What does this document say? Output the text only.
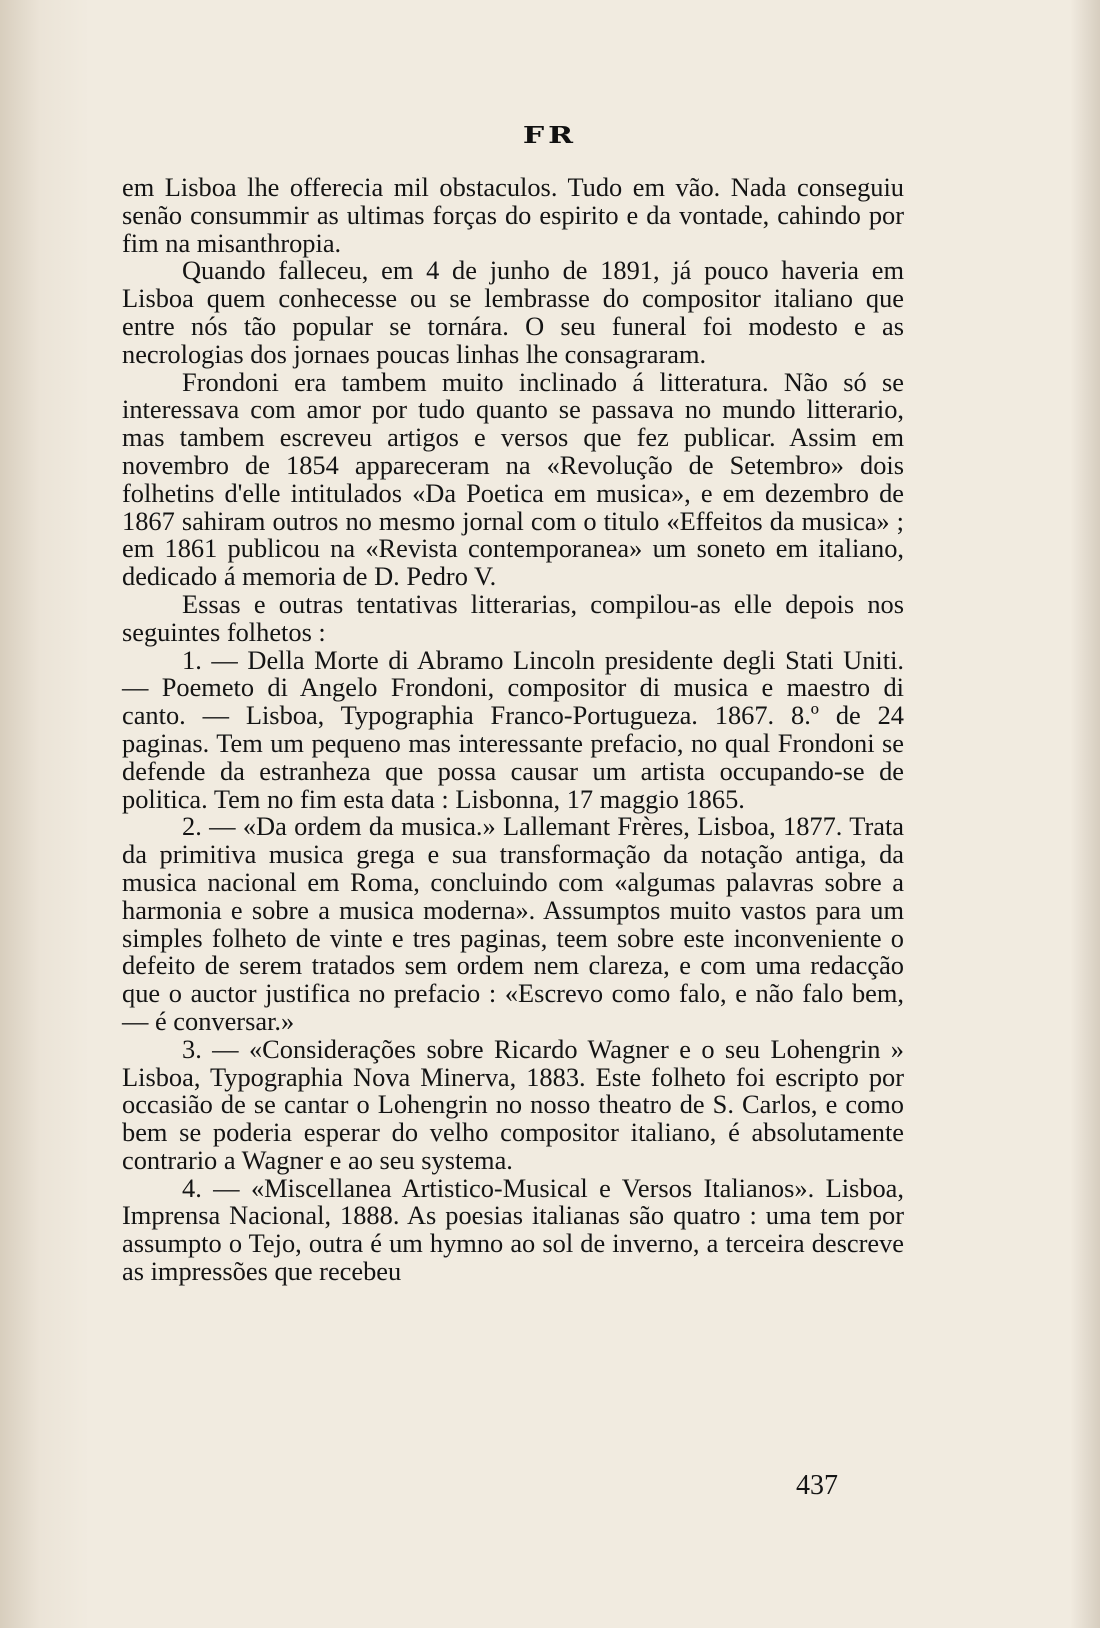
FR

em Lisboa lhe offerecia mil obstaculos. Tudo em vão. Nada conseguiu senão consummir as ultimas forças do espirito e da vontade, cahindo por fim na misanthropia.

Quando falleceu, em 4 de junho de 1891, já pouco haveria em Lisboa quem conhecesse ou se lembrasse do compositor italiano que entre nós tão popular se tornára. O seu funeral foi modesto e as necrologias dos jornaes poucas linhas lhe consagraram.

Frondoni era tambem muito inclinado á litteratura. Não só se interessava com amor por tudo quanto se passava no mundo litterario, mas tambem escreveu artigos e versos que fez publicar. Assim em novembro de 1854 appareceram na «Revolução de Setembro» dois folhetins d'elle intitulados «Da Poetica em musica», e em dezembro de 1867 sahiram outros no mesmo jornal com o titulo «Effeitos da musica» ; em 1861 publicou na «Revista contemporanea» um soneto em italiano, dedicado á memoria de D. Pedro V.

Essas e outras tentativas litterarias, compilou-as elle depois nos seguintes folhetos :

1. — Della Morte di Abramo Lincoln presidente degli Stati Uniti. — Poemeto di Angelo Frondoni, compositor di musica e maestro di canto. — Lisboa, Typographia Franco-Portugueza. 1867. 8.º de 24 paginas. Tem um pequeno mas interessante prefacio, no qual Frondoni se defende da estranheza que possa causar um artista occupando-se de politica. Tem no fim esta data : Lisbonna, 17 maggio 1865.

2. — «Da ordem da musica.» Lallemant Frères, Lisboa, 1877. Trata da primitiva musica grega e sua transformação da notação antiga, da musica nacional em Roma, concluindo com «algumas palavras sobre a harmonia e sobre a musica moderna». Assumptos muito vastos para um simples folheto de vinte e tres paginas, teem sobre este inconveniente o defeito de serem tratados sem ordem nem clareza, e com uma redacção que o auctor justifica no prefacio : «Escrevo como falo, e não falo bem, — é conversar.»

3. — «Considerações sobre Ricardo Wagner e o seu Lohengrin » Lisboa, Typographia Nova Minerva, 1883. Este folheto foi escripto por occasião de se cantar o Lohengrin no nosso theatro de S. Carlos, e como bem se poderia esperar do velho compositor italiano, é absolutamente contrario a Wagner e ao seu systema.

4. — «Miscellanea Artistico-Musical e Versos Italianos». Lisboa, Imprensa Nacional, 1888. As poesias italianas são quatro : uma tem por assumpto o Tejo, outra é um hymno ao sol de inverno, a terceira descreve as impressões que recebeu

437
